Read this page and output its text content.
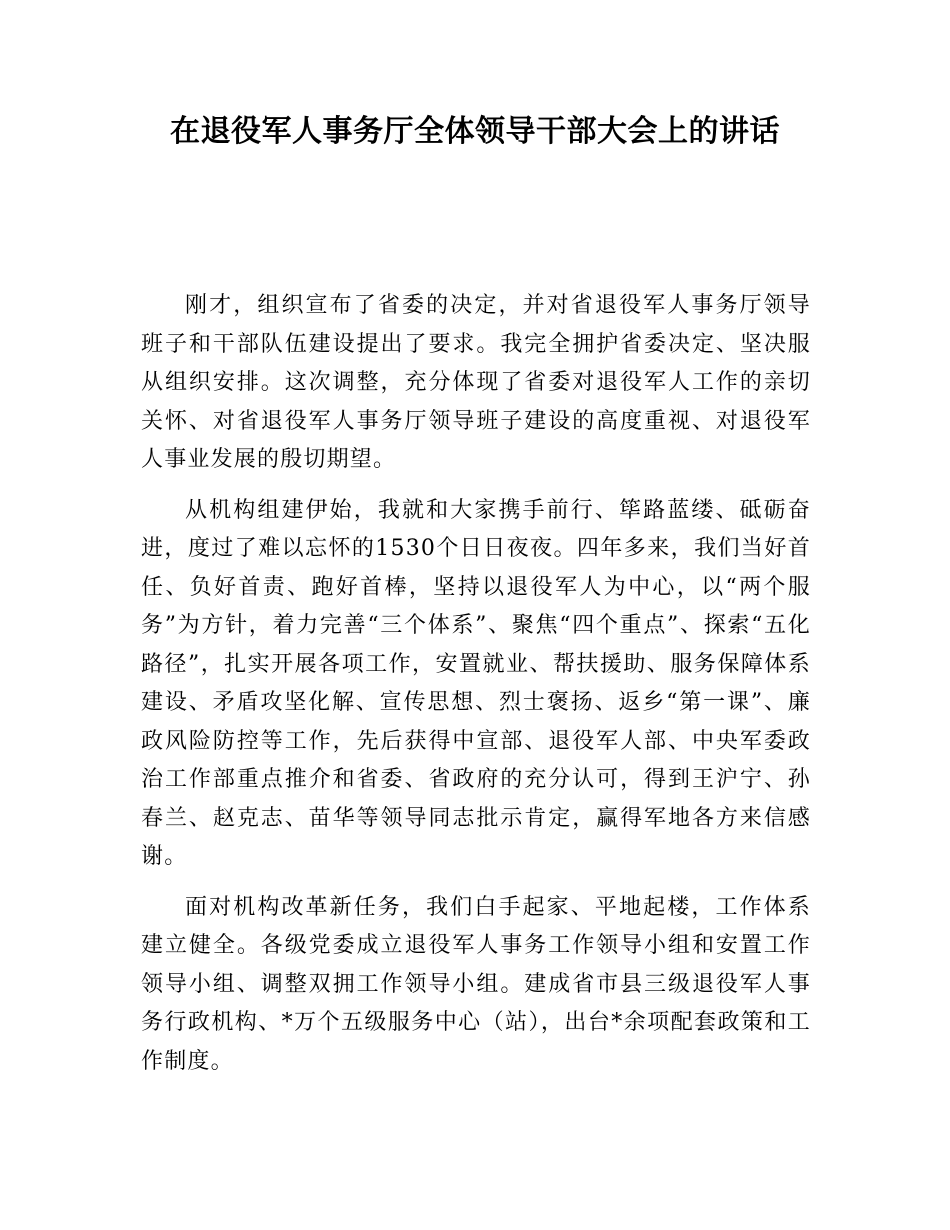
在退役军人事务厅全体领导干部大会上的讲话

刚才，组织宣布了省委的决定，并对省退役军人事务厅领导班子和干部队伍建设提出了要求。我完全拥护省委决定、坚决服从组织安排。这次调整，充分体现了省委对退役军人工作的亲切关怀、对省退役军人事务厅领导班子建设的高度重视、对退役军人事业发展的殷切期望。

从机构组建伊始，我就和大家携手前行、筚路蓝缕、砥砺奋进，度过了难以忘怀的1530个日日夜夜。四年多来，我们当好首任、负好首责、跑好首棒，坚持以退役军人为中心，以“两个服务”为方针，着力完善“三个体系”、聚焦“四个重点”、探索“五化路径”，扎实开展各项工作，安置就业、帮扶援助、服务保障体系建设、矛盾攻坚化解、宣传思想、烈士褒扬、返乡“第一课”、廉政风险防控等工作，先后获得中宣部、退役军人部、中央军委政治工作部重点推介和省委、省政府的充分认可，得到王沪宁、孙春兰、赵克志、苗华等领导同志批示肯定，赢得军地各方来信感谢。

面对机构改革新任务，我们白手起家、平地起楼，工作体系建立健全。各级党委成立退役军人事务工作领导小组和安置工作领导小组、调整双拥工作领导小组。建成省市县三级退役军人事务行政机构、*万个五级服务中心（站），出台*余项配套政策和工作制度。
